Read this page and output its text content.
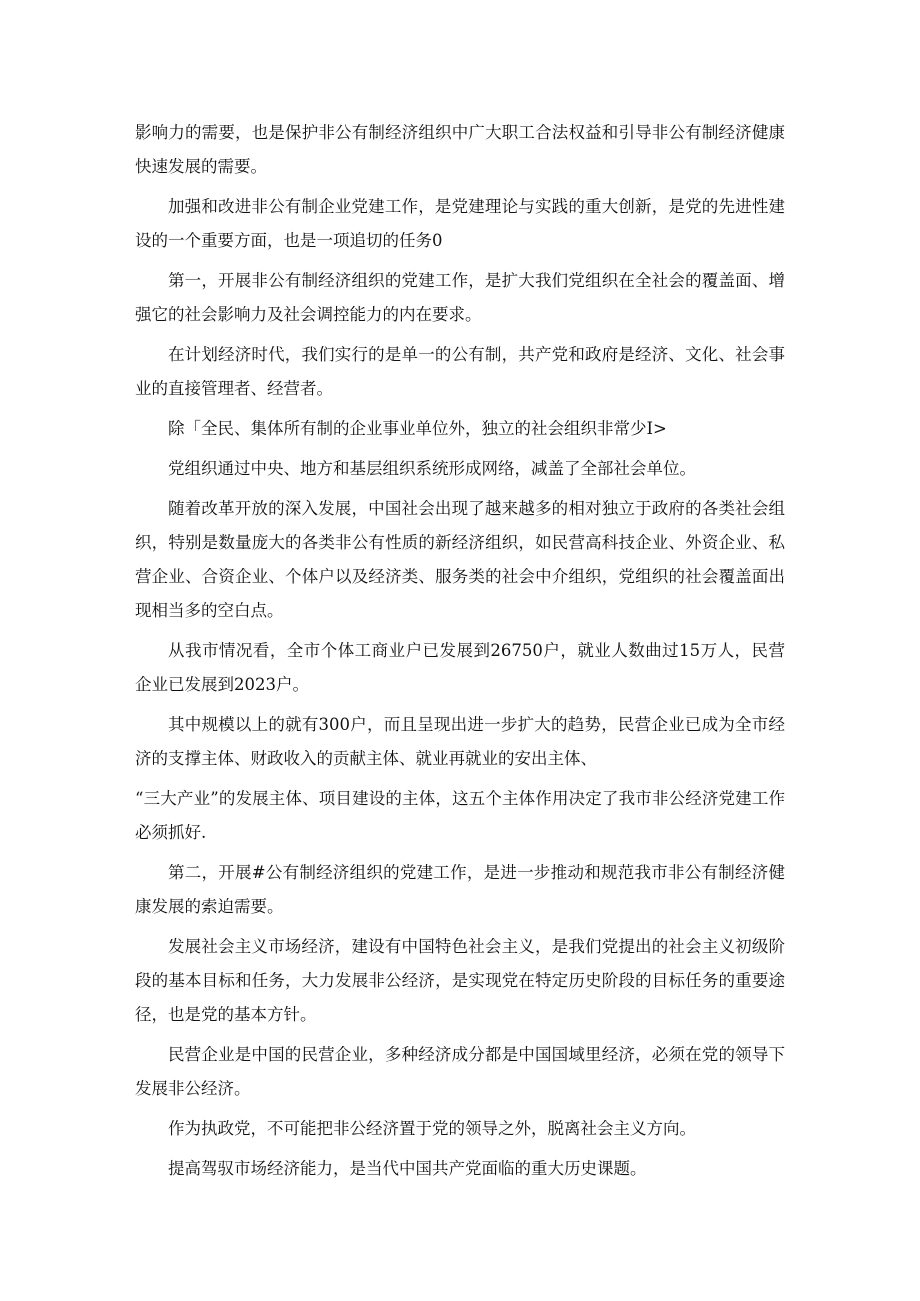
影响力的需要，也是保护非公有制经济组织中广大职工合法权益和引导非公有制经济健康快速发展的需要。

加强和改进非公有制企业党建工作，是党建理论与实践的重大创新，是党的先进性建设的一个重要方面，也是一项追切的任务0

第一，开展非公有制经济组织的党建工作，是扩大我们党组织在全社会的覆盖面、增强它的社会影响力及社会调控能力的内在要求。

在计划经济时代，我们实行的是单一的公有制，共产党和政府是经济、文化、社会事业的直接管理者、经营者。

除「全民、集体所有制的企业事业单位外，独立的社会组织非常少I>

党组织通过中央、地方和基层组织系统形成网络，减盖了全部社会单位。

随着改革开放的深入发展，中国社会出现了越来越多的相对独立于政府的各类社会组织，特别是数量庞大的各类非公有性质的新经济组织，如民营高科技企业、外资企业、私营企业、合资企业、个体户以及经济类、服务类的社会中介组织，党组织的社会覆盖面出现相当多的空白点。

从我市情况看，全市个体工商业户已发展到26750户，就业人数曲过15万人，民营企业已发展到2023户。

其中规模以上的就有300户，而且呈现出进一步扩大的趋势，民营企业已成为全市经济的支撑主体、财政收入的贡献主体、就业再就业的安出主体、

“三大产业”的发展主体、项目建设的主体，这五个主体作用决定了我市非公经济党建工作必须抓好.

第二，开展#公有制经济组织的党建工作，是进一步推动和规范我市非公有制经济健康发展的索迫需要。

发展社会主义市场经济，建设有中国特色社会主义，是我们党提出的社会主义初级阶段的基本目标和任务，大力发展非公经济，是实现党在特定历史阶段的目标任务的重要途径，也是党的基本方针。

民营企业是中国的民营企业，多种经济成分都是中国国域里经济，必须在党的领导下发展非公经济。

作为执政党，不可能把非公经济置于党的领导之外，脱离社会主义方向。

提高驾驭市场经济能力，是当代中国共产党面临的重大历史课题。
